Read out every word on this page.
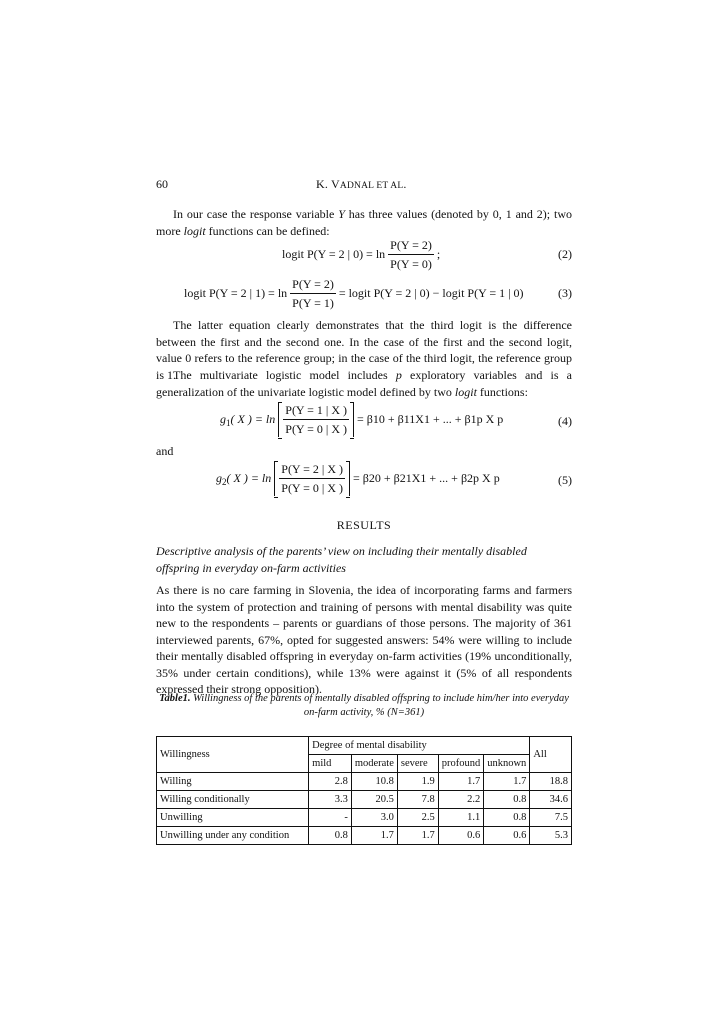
60	K. VADNAL ET AL.

In our case the response variable Y has three values (denoted by 0, 1 and 2); two more logit functions can be defined:

logit P(Y = 2 | $0) = \ln \frac{P(Y = 2)}{P(Y = 0)}$ ;	(2)
logit P(Y = 2 | $1) = \ln \frac{P(Y = 2)}{P(Y = 1)}$ = logit P(Y = 2 | 0) − logit P(Y = 1 | 0)	(3)

The latter equation clearly demonstrates that the third logit is the difference between the first and the second one. In the case of the first and the second logit, value 0 refers to the reference group; in the case of the third logit, the reference group is 1.

The multivariate logistic model includes p exploratory variables and is a generalization of the univariate logistic model defined by two logit functions:

$g_1$( X ) = $\ln \frac{P(Y = 1 | X )}{P(Y = 0 | X )} = \beta 10 + \beta 11X1$ + ... + β1p X p	(4)

and

$g_2$( X ) = $\ln \frac{P(Y = 2 | X )}{P(Y = 0 | X )} = \beta 20 + \beta 21X1$ + ... + β2p X p	(5)
RESULTS
Descriptive analysis of the parents’ view on including their mentally disabled offspring in everyday on-farm activities

As there is no care farming in Slovenia, the idea of incorporating farms and farmers into the system of protection and training of persons with mental disability was quite new to the respondents – parents or guardians of those persons. The majority of 361 interviewed parents, 67%, opted for suggested answers: 54% were willing to include their mentally disabled offspring in everyday on-farm activities (19% unconditionally, 35% under certain conditions), while 13% were against it (5% of all respondents expressed their strong opposition).

Table1. Willingness of the parents of mentally disabled offspring to include him/her into everyday on-farm activity, % (N=361)
Willingness	Degree of mental disability					All
	mild	moderate	severe	profound	unknown	
Willing	2.8	10.8	1.9	1.7	1.7	18.8
Willing conditionally	3.3	20.5	7.8	2.2	0.8	34.6
Unwilling	-	3.0	2.5	1.1	0.8	7.5
Unwilling under any condition	0.8	1.7	1.7	0.6	0.6	5.3
